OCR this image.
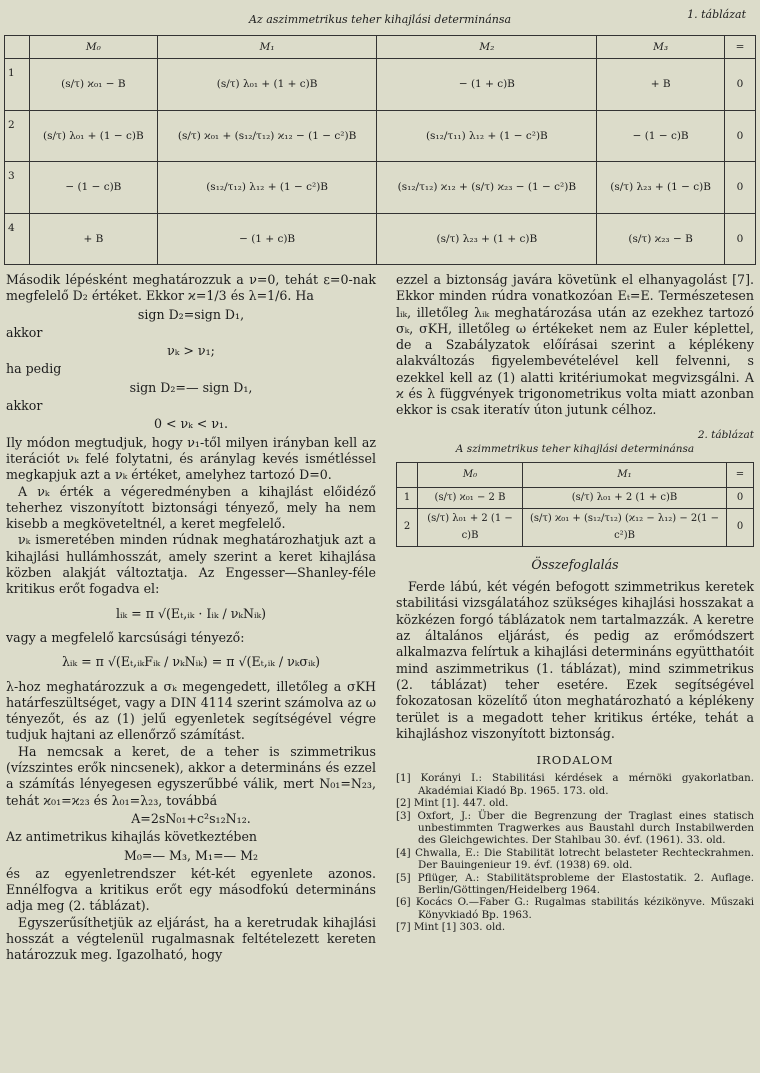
Az aszimmetrikus teher kihajlási determinánsa	1. táblázat
	M₀	M₁	M₂	M₃	=
1	(s/τ) ϰ₀₁ − B	(s/τ) λ₀₁ + (1 + c)B	− (1 + c)B	+ B	0
2	(s/τ) λ₀₁ + (1 − c)B	(s/τ) ϰ₀₁ + (s₁₂/τ₁₂) ϰ₁₂ − (1 − c²)B	(s₁₂/τ₁₁) λ₁₂ + (1 − c²)B	− (1 − c)B	0
3	− (1 − c)B	(s₁₂/τ₁₂) λ₁₂ + (1 − c²)B	(s₁₂/τ₁₂) ϰ₁₂ + (s/τ) ϰ₂₃ − (1 − c²)B	(s/τ) λ₂₃ + (1 − c)B	0
4	+ B	− (1 + c)B	(s/τ) λ₂₃ + (1 + c)B	(s/τ) ϰ₂₃ − B	0

Második lépésként meghatározzuk a ν=0, tehát ε=0-nak megfelelő D₂ értéket. Ekkor ϰ=1/3 és λ=1/6. Ha

sign D₂=sign D₁,
akkor
νₖ > ν₁;
ha pedig
sign D₂=— sign D₁,
akkor
0 < νₖ < ν₁.

Ily módon megtudjuk, hogy ν₁-től milyen irányban kell az iterációt νₖ felé folytatni, és aránylag kevés ismétléssel megkapjuk azt a νₖ értéket, amelyhez tartozó D=0.

A νₖ érték a végeredményben a kihajlást előidéző teherhez viszonyított biztonsági tényező, mely ha nem kisebb a megköveteltnél, a keret megfelelő.

νₖ ismeretében minden rúdnak meghatározhatjuk azt a kihajlási hullámhosszát, amely szerint a keret kihajlása közben alakját változtatja. Az Engesser—Shanley-féle kritikus erőt fogadva el:

lᵢₖ = π √(Eₜ,ᵢₖ · Iᵢₖ / νₖNᵢₖ)

vagy a megfelelő karcsúsági tényező:

λᵢₖ = π √(Eₜ,ᵢₖFᵢₖ / νₖNᵢₖ) = π √(Eₜ,ᵢₖ / νₖσᵢₖ)

λ-hoz meghatározzuk a σₖ megengedett, illetőleg a σKH határfeszültséget, vagy a DIN 4114 szerint számolva az ω tényezőt, és az (1) jelű egyenletek segítségével végre tudjuk hajtani az ellenőrző számítást.

Ha nemcsak a keret, de a teher is szimmetrikus (vízszintes erők nincsenek), akkor a determináns és ezzel a számítás lényegesen egyszerűbbé válik, mert N₀₁=N₂₃, tehát ϰ₀₁=ϰ₂₃ és λ₀₁=λ₂₃, továbbá

A=2sN₀₁+c²s₁₂N₁₂.

Az antimetrikus kihajlás következtében

M₀=— M₃, M₁=— M₂

és az egyenletrendszer két-két egyenlete azonos. Ennélfogva a kritikus erőt egy másodfokú determináns adja meg (2. táblázat).

Egyszerűsíthetjük az eljárást, ha a keretrudak kihajlási hosszát a végtelenül rugalmasnak feltételezett kereten határozzuk meg. Igazolható, hogy

ezzel a biztonság javára követünk el elhanyagolást [7]. Ekkor minden rúdra vonatkozóan Eₜ=E. Természetesen lᵢₖ, illetőleg λᵢₖ meghatározása után az ezekhez tartozó σₖ, σKH, illetőleg ω értékeket nem az Euler képlettel, de a Szabályzatok előírásai szerint a képlékeny alakváltozás figyelembevételével kell felvenni, s ezekkel kell az (1) alatti kritériumokat megvizsgálni. A ϰ és λ függvények trigonometrikus volta miatt azonban ekkor is csak iteratív úton jutunk célhoz.

2. táblázat
A szimmetrikus teher kihajlási determinánsa
	M₀	M₁	=
1	(s/τ) ϰ₀₁ − 2 B	(s/τ) λ₀₁ + 2 (1 + c)B	0
2	(s/τ) λ₀₁ + 2 (1 − c)B	(s/τ) ϰ₀₁ + (s₁₂/τ₁₂) (ϰ₁₂ − λ₁₂) − 2(1 − c²)B	0
Összefoglalás

Ferde lábú, két végén befogott szimmetrikus keretek stabilitási vizsgálatához szükséges kihajlási hosszakat a közkézen forgó táblázatok nem tartalmazzák. A keretre az általános eljárást, és pedig az erőmódszert alkalmazva felírtuk a kihajlási determináns együtthatóit mind aszimmetrikus (1. táblázat), mind szimmetrikus (2. táblázat) teher esetére. Ezek segítségével fokozatosan közelítő úton meghatározható a képlékeny terület is a megadott teher kritikus értéke, tehát a kihajláshoz viszonyított biztonság.

IRODALOM
[1] Korányi I.: Stabilitási kérdések a mérnöki gyakorlatban. Akadémiai Kiadó Bp. 1965. 173. old.
[2] Mint [1]. 447. old.
[3] Oxfort, J.: Über die Begrenzung der Traglast eines statisch unbestimmten Tragwerkes aus Baustahl durch Instabilwerden des Gleichgewichtes. Der Stahlbau 30. évf. (1961). 33. old.
[4] Chwalla, E.: Die Stabilität lotrecht belasteter Rechteckrahmen. Der Bauingenieur 19. évf. (1938) 69. old.
[5] Pflüger, A.: Stabilitätsprobleme der Elastostatik. 2. Auflage. Berlin/Göttingen/Heidelberg 1964.
[6] Kocács O.—Faber G.: Rugalmas stabilitás kézikönyve. Műszaki Könyvkiadó Bp. 1963.
[7] Mint [1] 303. old.
